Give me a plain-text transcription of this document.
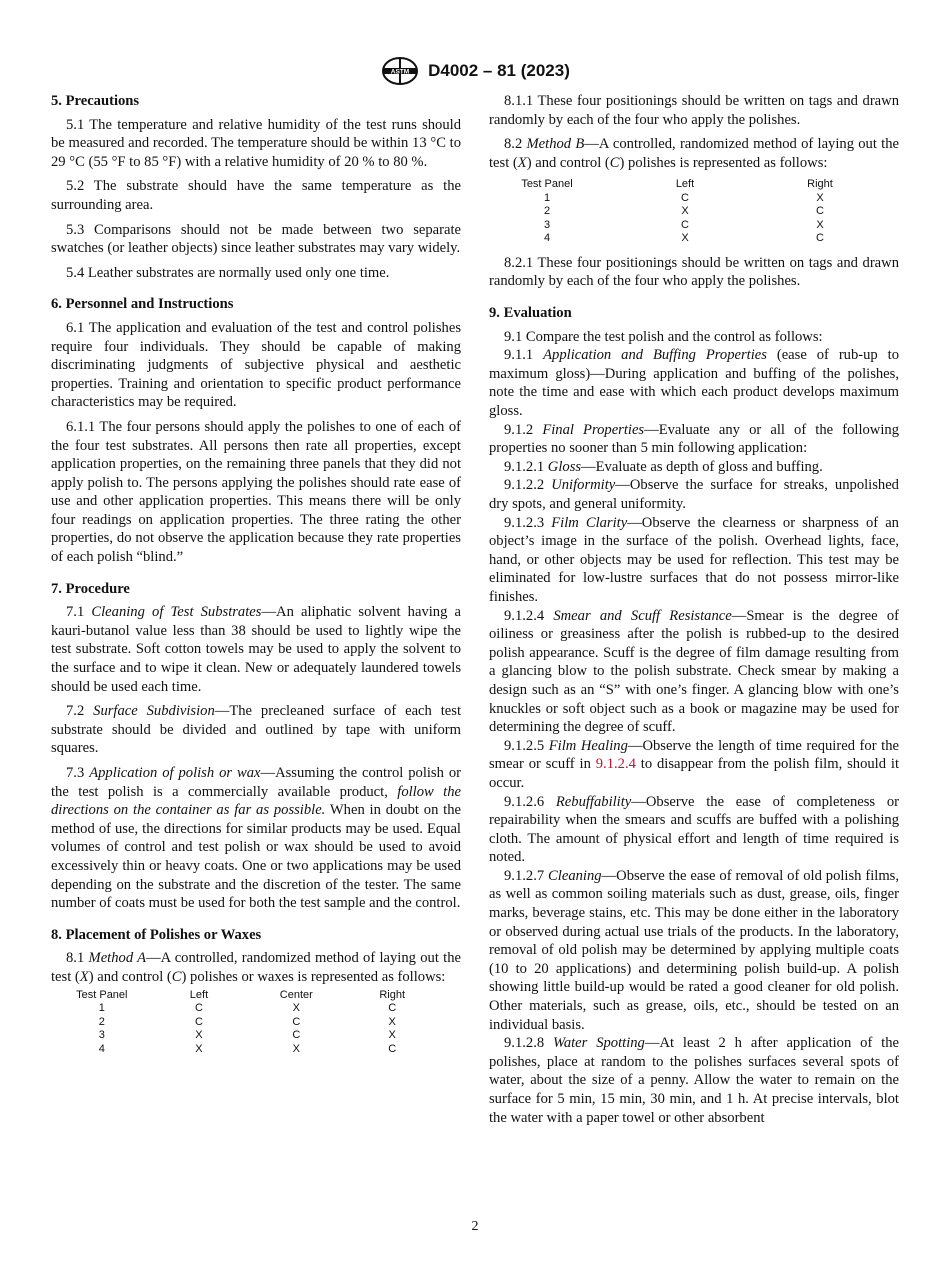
ASTM D4002 – 81 (2023)
5. Precautions

5.1 The temperature and relative humidity of the test runs should be measured and recorded. The temperature should be within 13 °C to 29 °C (55 °F to 85 °F) with a relative humidity of 20 % to 80 %.

5.2 The substrate should have the same temperature as the surrounding area.

5.3 Comparisons should not be made between two separate swatches (or leather objects) since leather substrates may vary widely.

5.4 Leather substrates are normally used only one time.

6. Personnel and Instructions

6.1 The application and evaluation of the test and control polishes require four individuals. They should be capable of making discriminating judgments of subjective physical and aesthetic properties. Training and orientation to specific product performance characteristics may be required.

6.1.1 The four persons should apply the polishes to one of each of the four test substrates. All persons then rate all properties, except application properties, on the remaining three panels that they did not apply polish to. The persons applying the polishes should rate ease of use and other application properties. This means there will be only four readings on application properties. The three rating the other properties, do not observe the application because they rate properties of each polish “blind.”

7. Procedure

7.1 Cleaning of Test Substrates—An aliphatic solvent having a kauri-butanol value less than 38 should be used to lightly wipe the test substrate. Soft cotton towels may be used to apply the solvent to the surface and to wipe it clean. New or adequately laundered towels should be used each time.

7.2 Surface Subdivision—The precleaned surface of each test substrate should be divided and outlined by tape with uniform squares.

7.3 Application of polish or wax—Assuming the control polish or the test polish is a commercially available product, follow the directions on the container as far as possible. When in doubt on the method of use, the directions for similar products may be used. Equal volumes of control and test polish or wax should be used to avoid excessively thin or heavy coats. One or two applications may be used depending on the substrate and the discretion of the tester. The same number of coats must be used for both the test sample and the control.

8. Placement of Polishes or Waxes

8.1 Method A—A controlled, randomized method of laying out the test (X) and control (C) polishes or waxes is represented as follows:

Test Panel	Left	Center	Right
1	C	X	C
2	C	C	X
3	X	C	X
4	X	X	C

8.1.1 These four positionings should be written on tags and drawn randomly by each of the four who apply the polishes.

8.2 Method B—A controlled, randomized method of laying out the test (X) and control (C) polishes is represented as follows:

Test Panel	Left	Right
1	C	X
2	X	C
3	C	X
4	X	C

8.2.1 These four positionings should be written on tags and drawn randomly by each of the four who apply the polishes.

9. Evaluation

9.1 Compare the test polish and the control as follows:

9.1.1 Application and Buffing Properties (ease of rub-up to maximum gloss)—During application and buffing of the polishes, note the time and ease with which each product develops maximum gloss.

9.1.2 Final Properties—Evaluate any or all of the following properties no sooner than 5 min following application:

9.1.2.1 Gloss—Evaluate as depth of gloss and buffing.

9.1.2.2 Uniformity—Observe the surface for streaks, unpolished dry spots, and general uniformity.

9.1.2.3 Film Clarity—Observe the clearness or sharpness of an object’s image in the surface of the polish. Overhead lights, face, hand, or other objects may be used for reflection. This test may be eliminated for low-lustre surfaces that do not possess mirror-like finishes.

9.1.2.4 Smear and Scuff Resistance—Smear is the degree of oiliness or greasiness after the polish is rubbed-up to the desired polish appearance. Scuff is the degree of film damage resulting from a glancing blow to the polish substrate. Check smear by making a design such as an “S” with one’s finger. A glancing blow with one’s knuckles or soft object such as a book or magazine may be used for determining the degree of scuff.

9.1.2.5 Film Healing—Observe the length of time required for the smear or scuff in 9.1.2.4 to disappear from the polish film, should it occur.

9.1.2.6 Rebuffability—Observe the ease of completeness or repairability when the smears and scuffs are buffed with a polishing cloth. The amount of physical effort and length of time required is noted.

9.1.2.7 Cleaning—Observe the ease of removal of old polish films, as well as common soiling materials such as dust, grease, oils, finger marks, beverage stains, etc. This may be done either in the laboratory or observed during actual use trials of the products. In the laboratory, removal of old polish may be determined by applying multiple coats (10 to 20 applications) and determining polish build-up. A polish showing little build-up would be rated a good cleaner for old polish. Other materials, such as grease, oils, etc., should be tested on an individual basis.

9.1.2.8 Water Spotting—At least 2 h after application of the polishes, place at random to the polishes surfaces several spots of water, about the size of a penny. Allow the water to remain on the surface for 5 min, 15 min, 30 min, and 1 h. At precise intervals, blot the water with a paper towel or other absorbent

2
